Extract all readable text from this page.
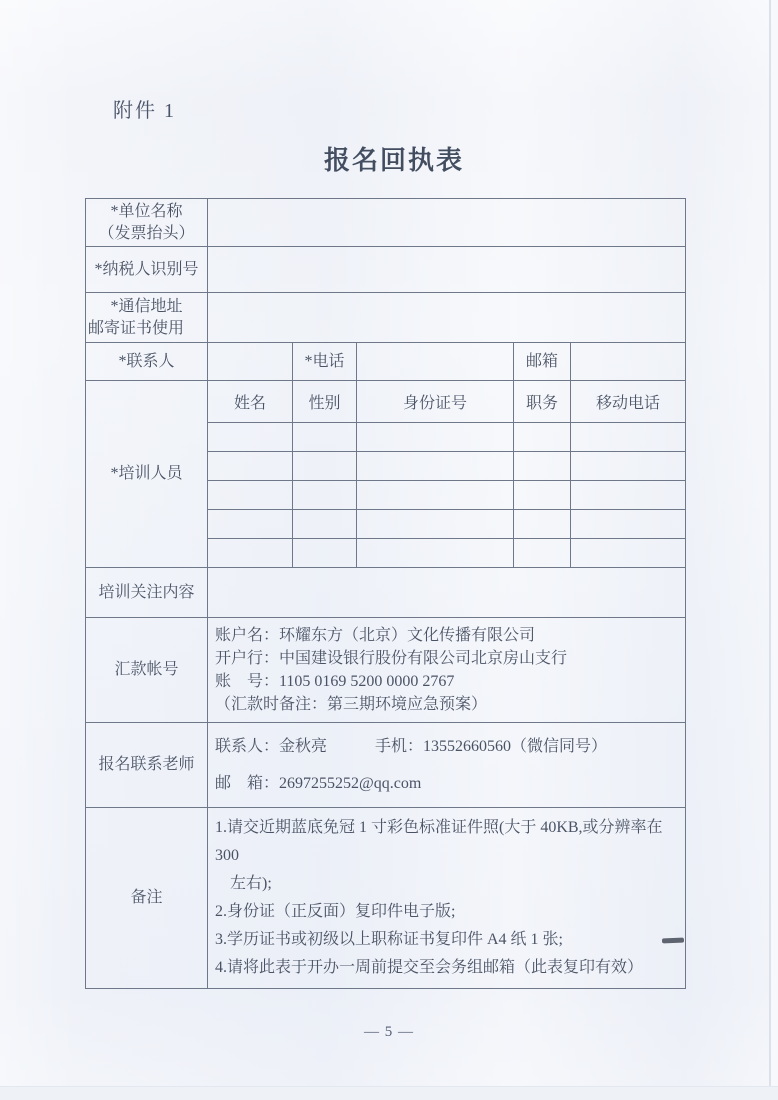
附件 1
报名回执表
*单位名称
（发票抬头）					

*纳税人识别号					

*通信地址
邮寄证书使用					

*联系人		*电话		邮箱	
*培训人员	姓名	性别	身份证号	职务	移动电话

培训关注内容					
汇款帐号	账户名：环耀东方（北京）文化传播有限公司
开户行：中国建设银行股份有限公司北京房山支行
账　号：1105 0169 5200 0000 2767
（汇款时备注：第三期环境应急预案）				

报名联系老师	联系人：金秋亮　　　手机：13552660560（微信同号）
邮　箱：2697255252@qq.com				

备注	1.请交近期蓝底免冠 1 寸彩色标准证件照(大于 40KB,或分辨率在 300
左右);
2.身份证（正反面）复印件电子版;
3.学历证书或初级以上职称证书复印件 A4 纸 1 张;
4.请将此表于开办一周前提交至会务组邮箱（此表复印有效）				
— 5 —
